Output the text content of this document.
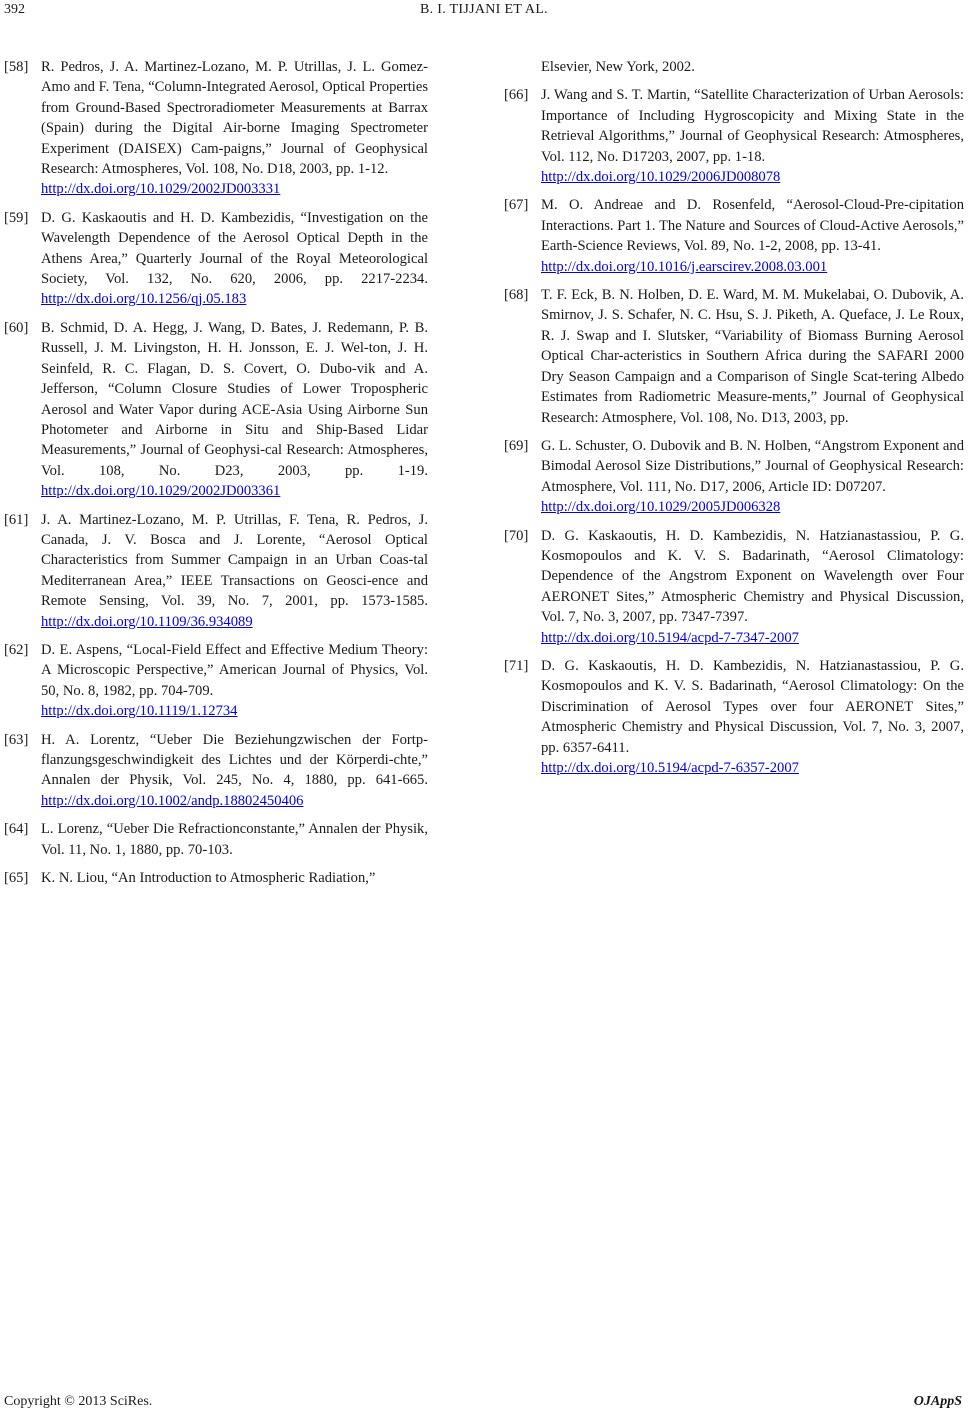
392	B. I. TIJJANI ET AL.
[58] R. Pedros, J. A. Martinez-Lozano, M. P. Utrillas, J. L. Gomez-Amo and F. Tena, “Column-Integrated Aerosol, Optical Properties from Ground-Based Spectroradiometer Measurements at Barrax (Spain) during the Digital Air-borne Imaging Spectrometer Experiment (DAISEX) Cam-paigns,” Journal of Geophysical Research: Atmospheres, Vol. 108, No. D18, 2003, pp. 1-12.
http://dx.doi.org/10.1029/2002JD003331
[59] D. G. Kaskaoutis and H. D. Kambezidis, “Investigation on the Wavelength Dependence of the Aerosol Optical Depth in the Athens Area,” Quarterly Journal of the Royal Meteorological Society, Vol. 132, No. 620, 2006, pp. 2217-2234. http://dx.doi.org/10.1256/qj.05.183
[60] B. Schmid, D. A. Hegg, J. Wang, D. Bates, J. Redemann, P. B. Russell, J. M. Livingston, H. H. Jonsson, E. J. Wel-ton, J. H. Seinfeld, R. C. Flagan, D. S. Covert, O. Dubo-vik and A. Jefferson, “Column Closure Studies of Lower Tropospheric Aerosol and Water Vapor during ACE-Asia Using Airborne Sun Photometer and Airborne in Situ and Ship-Based Lidar Measurements,” Journal of Geophysi-cal Research: Atmospheres, Vol. 108, No. D23, 2003, pp. 1-19. http://dx.doi.org/10.1029/2002JD003361
[61] J. A. Martinez-Lozano, M. P. Utrillas, F. Tena, R. Pedros, J. Canada, J. V. Bosca and J. Lorente, “Aerosol Optical Characteristics from Summer Campaign in an Urban Coas-tal Mediterranean Area,” IEEE Transactions on Geosci-ence and Remote Sensing, Vol. 39, No. 7, 2001, pp. 1573-1585. http://dx.doi.org/10.1109/36.934089
[62] D. E. Aspens, “Local-Field Effect and Effective Medium Theory: A Microscopic Perspective,” American Journal of Physics, Vol. 50, No. 8, 1982, pp. 704-709.
http://dx.doi.org/10.1119/1.12734
[63] H. A. Lorentz, “Ueber Die Beziehungzwischen der Fortp-flanzungsgeschwindigkeit des Lichtes und der Körperdi-chte,” Annalen der Physik, Vol. 245, No. 4, 1880, pp. 641-665. http://dx.doi.org/10.1002/andp.18802450406
[64] L. Lorenz, “Ueber Die Refractionconstante,” Annalen der Physik, Vol. 11, No. 1, 1880, pp. 70-103.
[65] K. N. Liou, “An Introduction to Atmospheric Radiation,”
Elsevier, New York, 2002.
[66] J. Wang and S. T. Martin, “Satellite Characterization of Urban Aerosols: Importance of Including Hygroscopicity and Mixing State in the Retrieval Algorithms,” Journal of Geophysical Research: Atmospheres, Vol. 112, No. D17203, 2007, pp. 1-18.
http://dx.doi.org/10.1029/2006JD008078
[67] M. O. Andreae and D. Rosenfeld, “Aerosol-Cloud-Pre-cipitation Interactions. Part 1. The Nature and Sources of Cloud-Active Aerosols,” Earth-Science Reviews, Vol. 89, No. 1-2, 2008, pp. 13-41.
http://dx.doi.org/10.1016/j.earscirev.2008.03.001
[68] T. F. Eck, B. N. Holben, D. E. Ward, M. M. Mukelabai, O. Dubovik, A. Smirnov, J. S. Schafer, N. C. Hsu, S. J. Piketh, A. Queface, J. Le Roux, R. J. Swap and I. Slutsker, “Variability of Biomass Burning Aerosol Optical Char-acteristics in Southern Africa during the SAFARI 2000 Dry Season Campaign and a Comparison of Single Scat-tering Albedo Estimates from Radiometric Measure-ments,” Journal of Geophysical Research: Atmosphere, Vol. 108, No. D13, 2003, pp.
[69] G. L. Schuster, O. Dubovik and B. N. Holben, “Angstrom Exponent and Bimodal Aerosol Size Distributions,” Journal of Geophysical Research: Atmosphere, Vol. 111, No. D17, 2006, Article ID: D07207.
http://dx.doi.org/10.1029/2005JD006328
[70] D. G. Kaskaoutis, H. D. Kambezidis, N. Hatzianastassiou, P. G. Kosmopoulos and K. V. S. Badarinath, “Aerosol Climatology: Dependence of the Angstrom Exponent on Wavelength over Four AERONET Sites,” Atmospheric Chemistry and Physical Discussion, Vol. 7, No. 3, 2007, pp. 7347-7397.
http://dx.doi.org/10.5194/acpd-7-7347-2007
[71] D. G. Kaskaoutis, H. D. Kambezidis, N. Hatzianastassiou, P. G. Kosmopoulos and K. V. S. Badarinath, “Aerosol Climatology: On the Discrimination of Aerosol Types over four AERONET Sites,” Atmospheric Chemistry and Physical Discussion, Vol. 7, No. 3, 2007, pp. 6357-6411.
http://dx.doi.org/10.5194/acpd-7-6357-2007
Copyright © 2013 SciRes.	OJAppS
